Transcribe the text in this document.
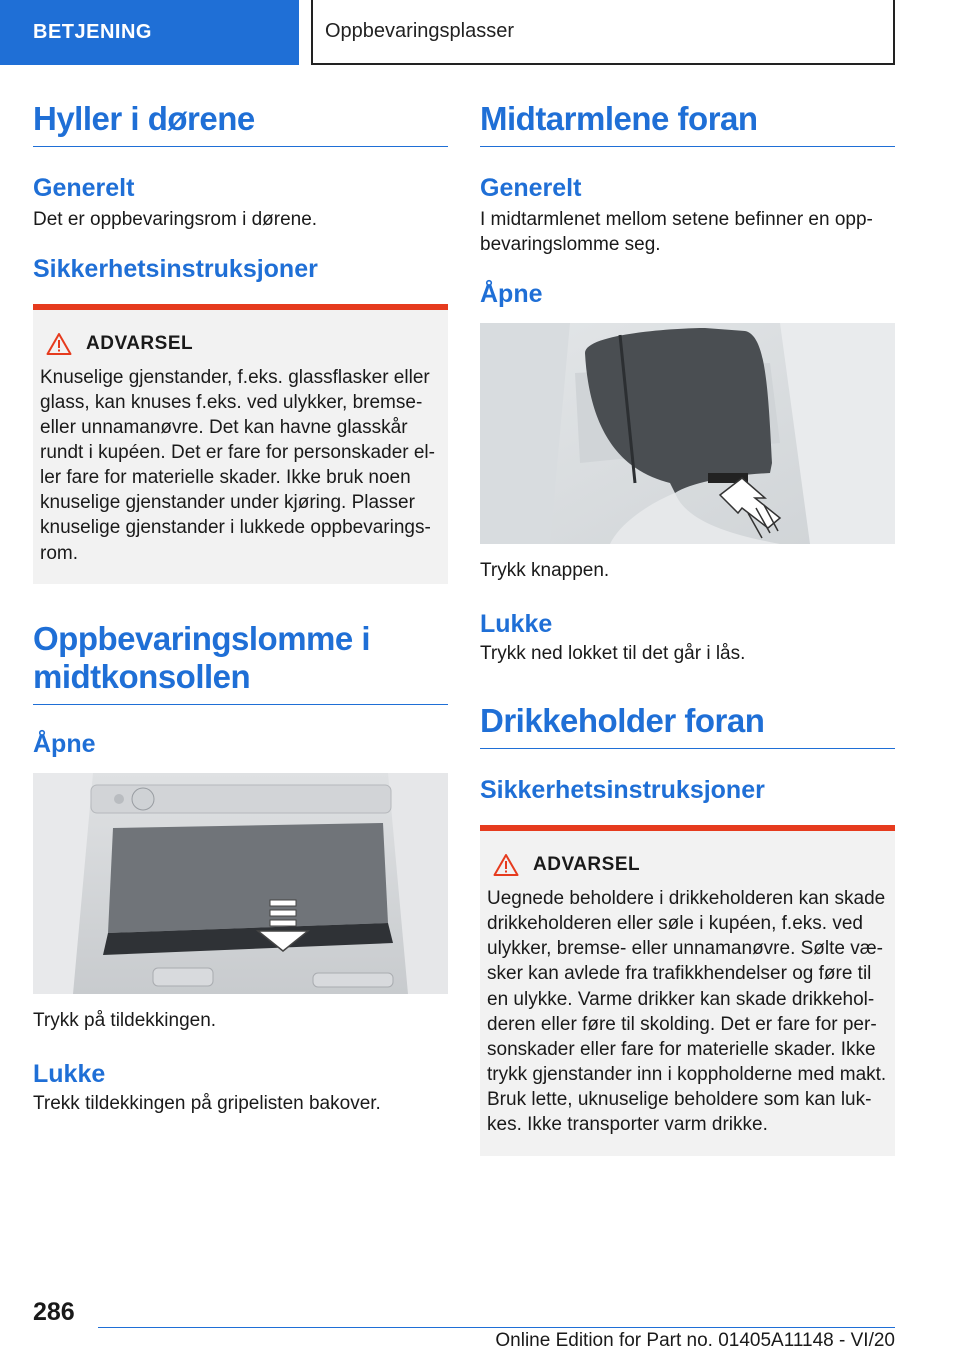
BETJENING	Oppbevaringsplasser
Hyller i dørene
Generelt

Det er oppbevaringsrom i dørene.

Sikkerhetsinstruksjoner
ADVARSEL

Knuselige gjenstander, f.eks. glassflasker eller glass, kan knuses f.eks. ved ulykker, bremse- eller unnamanøvre. Det kan havne glasskår rundt i kupéen. Det er fare for personskader el- ler fare for materielle skader. Ikke bruk noen knuselige gjenstander under kjøring. Plasser knuselige gjenstander i lukkede oppbevarings- rom.

Oppbevaringslomme i midtkonsollen
Åpne

Trykk på tildekkingen.

Lukke

Trekk tildekkingen på gripelisten bakover.

Midtarmlene foran
Generelt

I midtarmlenet mellom setene befinner en opp- bevaringslomme seg.

Åpne

Trykk knappen.

Lukke

Trykk ned lokket til det går i lås.

Drikkeholder foran
Sikkerhetsinstruksjoner
ADVARSEL

Uegnede beholdere i drikkeholderen kan skade drikkeholderen eller søle i kupéen, f.eks. ved ulykker, bremse- eller unnamanøvre. Sølte væ- sker kan avlede fra trafikkhendelser og føre til en ulykke. Varme drikker kan skade drikkehol- deren eller føre til skolding. Det er fare for per- sonskader eller fare for materielle skader. Ikke trykk gjenstander inn i koppholderne med makt. Bruk lette, uknuselige beholdere som kan luk- kes. Ikke transporter varm drikke.

286
Online Edition for Part no. 01405A11148 - VI/20
